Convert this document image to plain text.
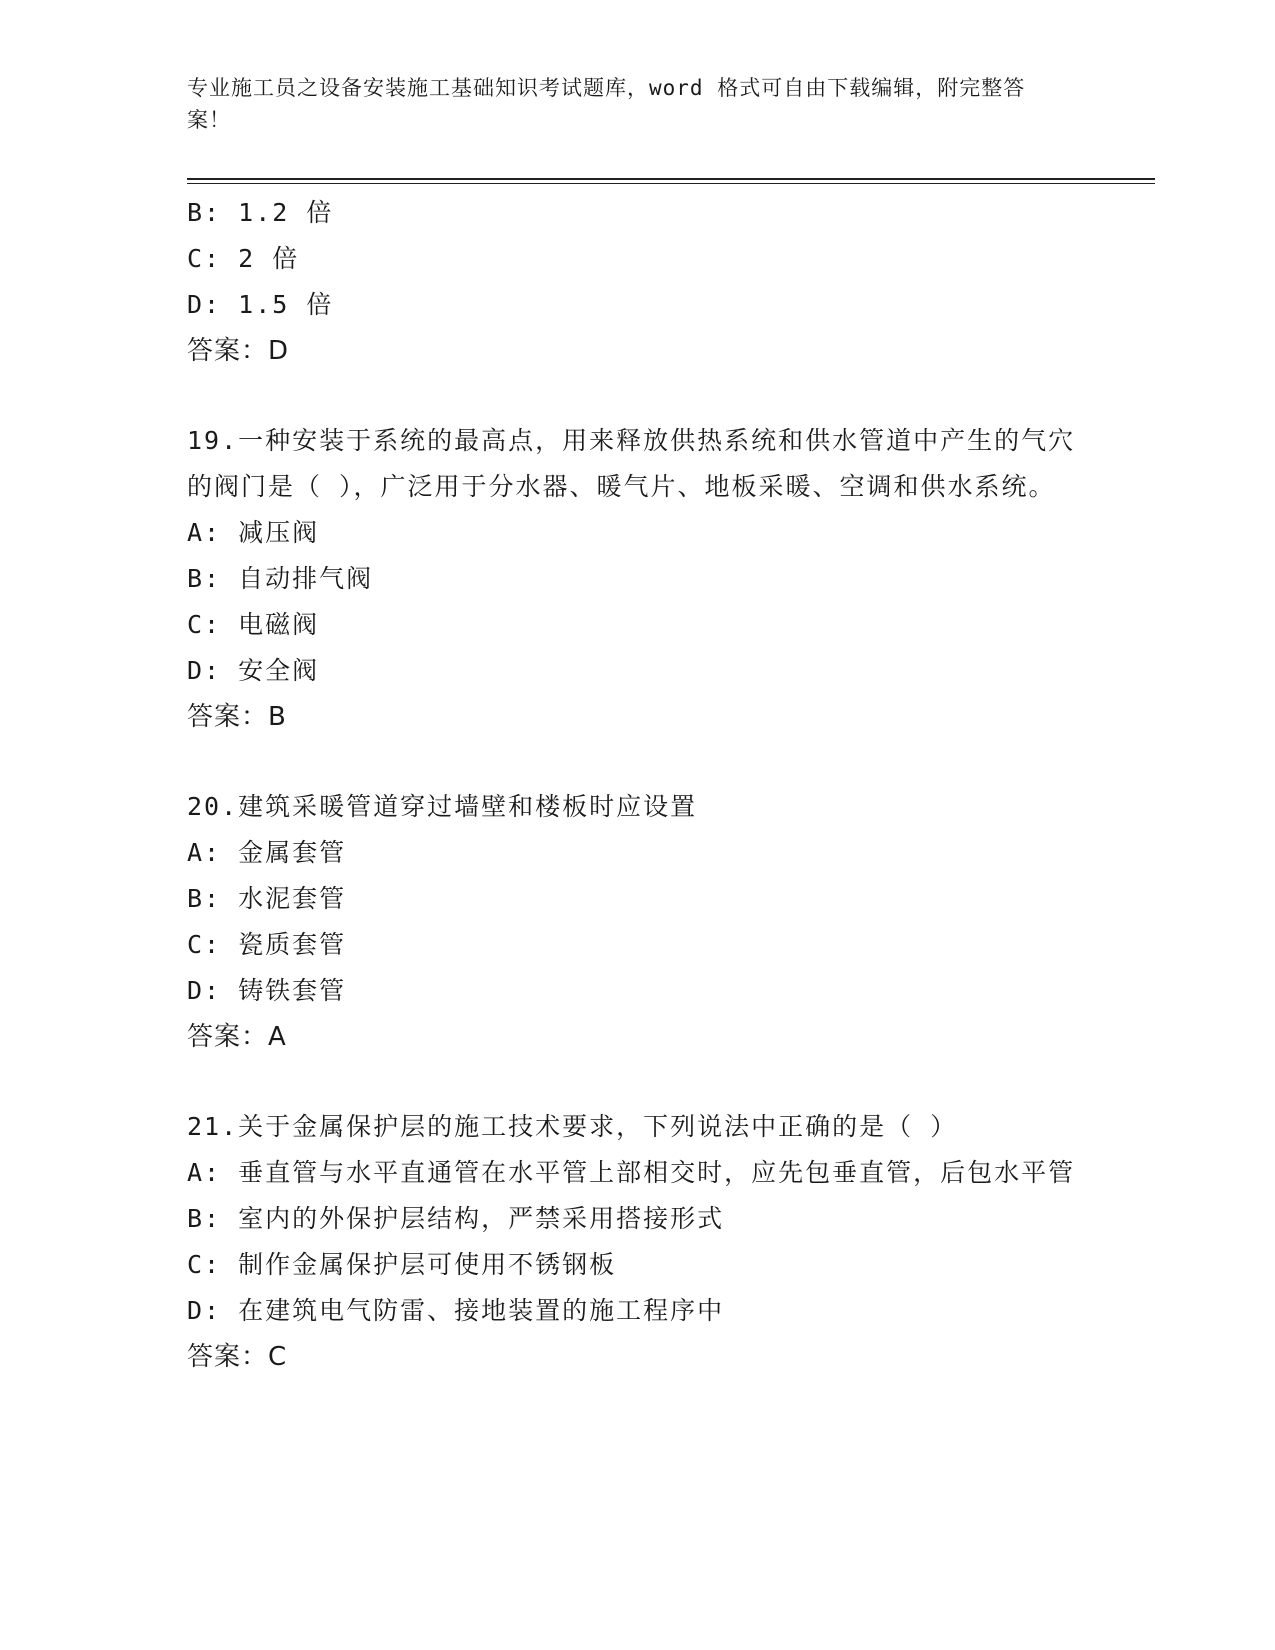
专业施工员之设备安装施工基础知识考试题库，word 格式可自由下载编辑，附完整答案！
B: 1.2 倍
C: 2 倍
D: 1.5 倍
答案：D
19.一种安装于系统的最高点，用来释放供热系统和供水管道中产生的气穴的阀门是（ ），广泛用于分水器、暖气片、地板采暖、空调和供水系统。
A: 减压阀
B: 自动排气阀
C: 电磁阀
D: 安全阀
答案：B
20.建筑采暖管道穿过墙壁和楼板时应设置
A: 金属套管
B: 水泥套管
C: 瓷质套管
D: 铸铁套管
答案：A
21.关于金属保护层的施工技术要求，下列说法中正确的是（ ）
A: 垂直管与水平直通管在水平管上部相交时，应先包垂直管，后包水平管
B: 室内的外保护层结构，严禁采用搭接形式
C: 制作金属保护层可使用不锈钢板
D: 在建筑电气防雷、接地装置的施工程序中
答案：C
